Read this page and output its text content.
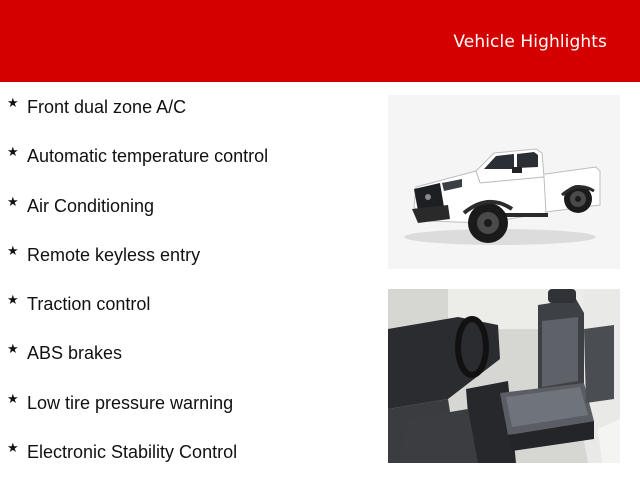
Vehicle Highlights
★ Front dual zone A/C
★ Automatic temperature control
★ Air Conditioning
★ Remote keyless entry
★ Traction control
★ ABS brakes
★ Low tire pressure warning
★ Electronic Stability Control
